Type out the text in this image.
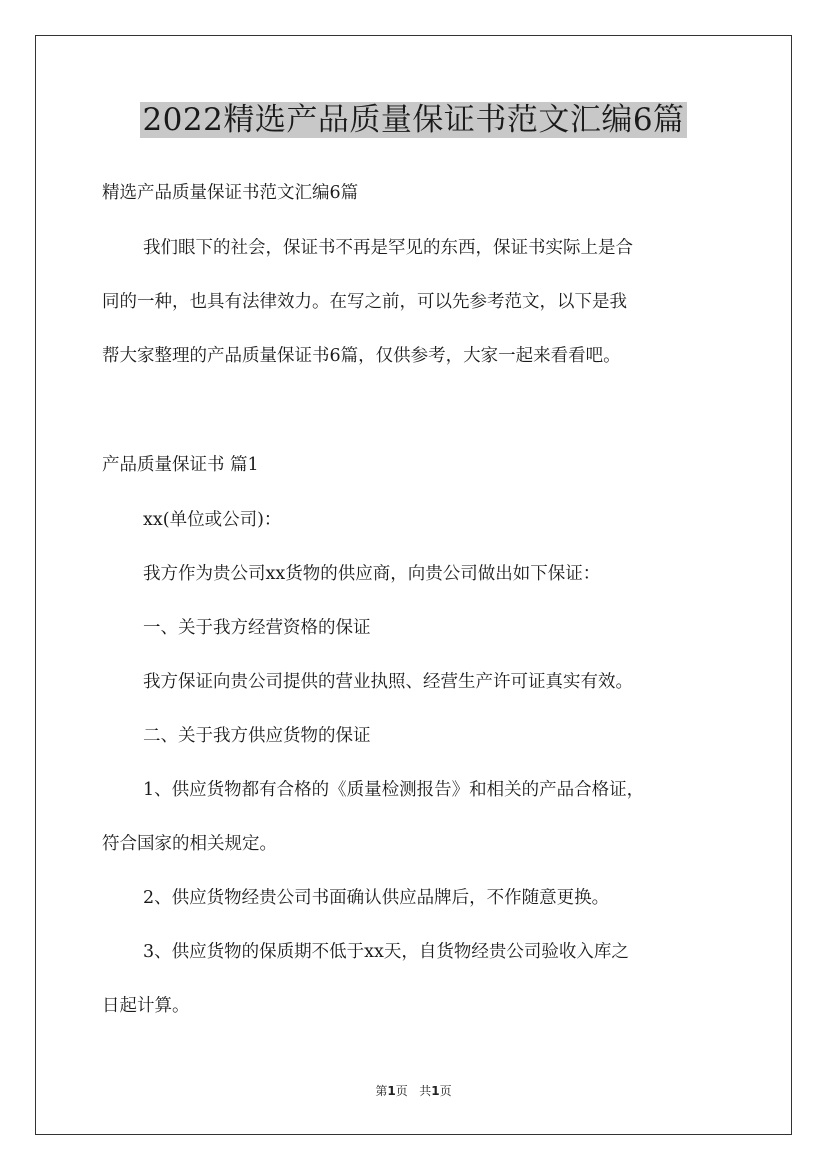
2022精选产品质量保证书范文汇编6篇

精选产品质量保证书范文汇编6篇

我们眼下的社会，保证书不再是罕见的东西，保证书实际上是合

同的一种，也具有法律效力。在写之前，可以先参考范文，以下是我

帮大家整理的产品质量保证书6篇，仅供参考，大家一起来看看吧。

产品质量保证书 篇1

xx(单位或公司)：

我方作为贵公司xx货物的供应商，向贵公司做出如下保证：

一、关于我方经营资格的保证

我方保证向贵公司提供的营业执照、经营生产许可证真实有效。

二、关于我方供应货物的保证

1、供应货物都有合格的《质量检测报告》和相关的产品合格证，

符合国家的相关规定。

2、供应货物经贵公司书面确认供应品牌后，不作随意更换。

3、供应货物的保质期不低于xx天，自货物经贵公司验收入库之

日起计算。

第1页 共1页
